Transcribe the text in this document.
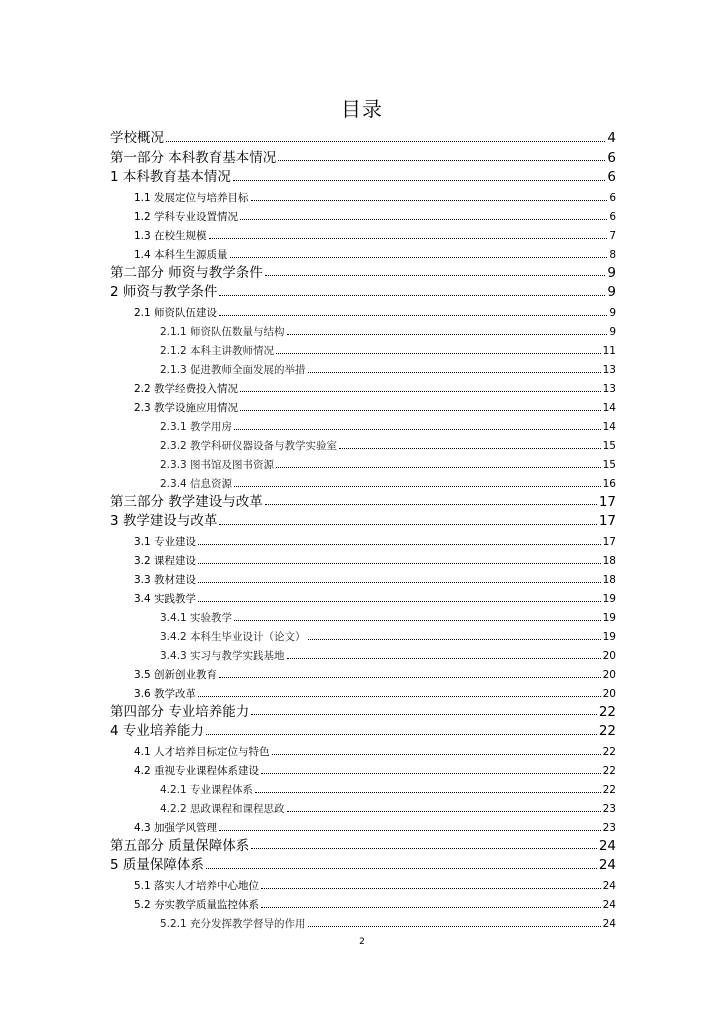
目录
学校概况	4
第一部分 本科教育基本情况	6
1 本科教育基本情况	6
1.1 发展定位与培养目标	6
1.2 学科专业设置情况	6
1.3 在校生规模	7
1.4 本科生生源质量	8
第二部分 师资与教学条件	9
2 师资与教学条件	9
2.1 师资队伍建设	9
2.1.1 师资队伍数量与结构	9
2.1.2 本科主讲教师情况	11
2.1.3 促进教师全面发展的举措	13
2.2 教学经费投入情况	13
2.3 教学设施应用情况	14
2.3.1 教学用房	14
2.3.2 教学科研仪器设备与教学实验室	15
2.3.3 图书馆及图书资源	15
2.3.4 信息资源	16
第三部分 教学建设与改革	17
3 教学建设与改革	17
3.1 专业建设	17
3.2 课程建设	18
3.3 教材建设	18
3.4 实践教学	19
3.4.1 实验教学	19
3.4.2 本科生毕业设计（论文）	19
3.4.3 实习与教学实践基地	20
3.5 创新创业教育	20
3.6 教学改革	20
第四部分 专业培养能力	22
4 专业培养能力	22
4.1 人才培养目标定位与特色	22
4.2 重视专业课程体系建设	22
4.2.1 专业课程体系	22
4.2.2 思政课程和课程思政	23
4.3 加强学风管理	23
第五部分 质量保障体系	24
5 质量保障体系	24
5.1 落实人才培养中心地位	24
5.2 夯实教学质量监控体系	24
5.2.1 充分发挥教学督导的作用	24
2
